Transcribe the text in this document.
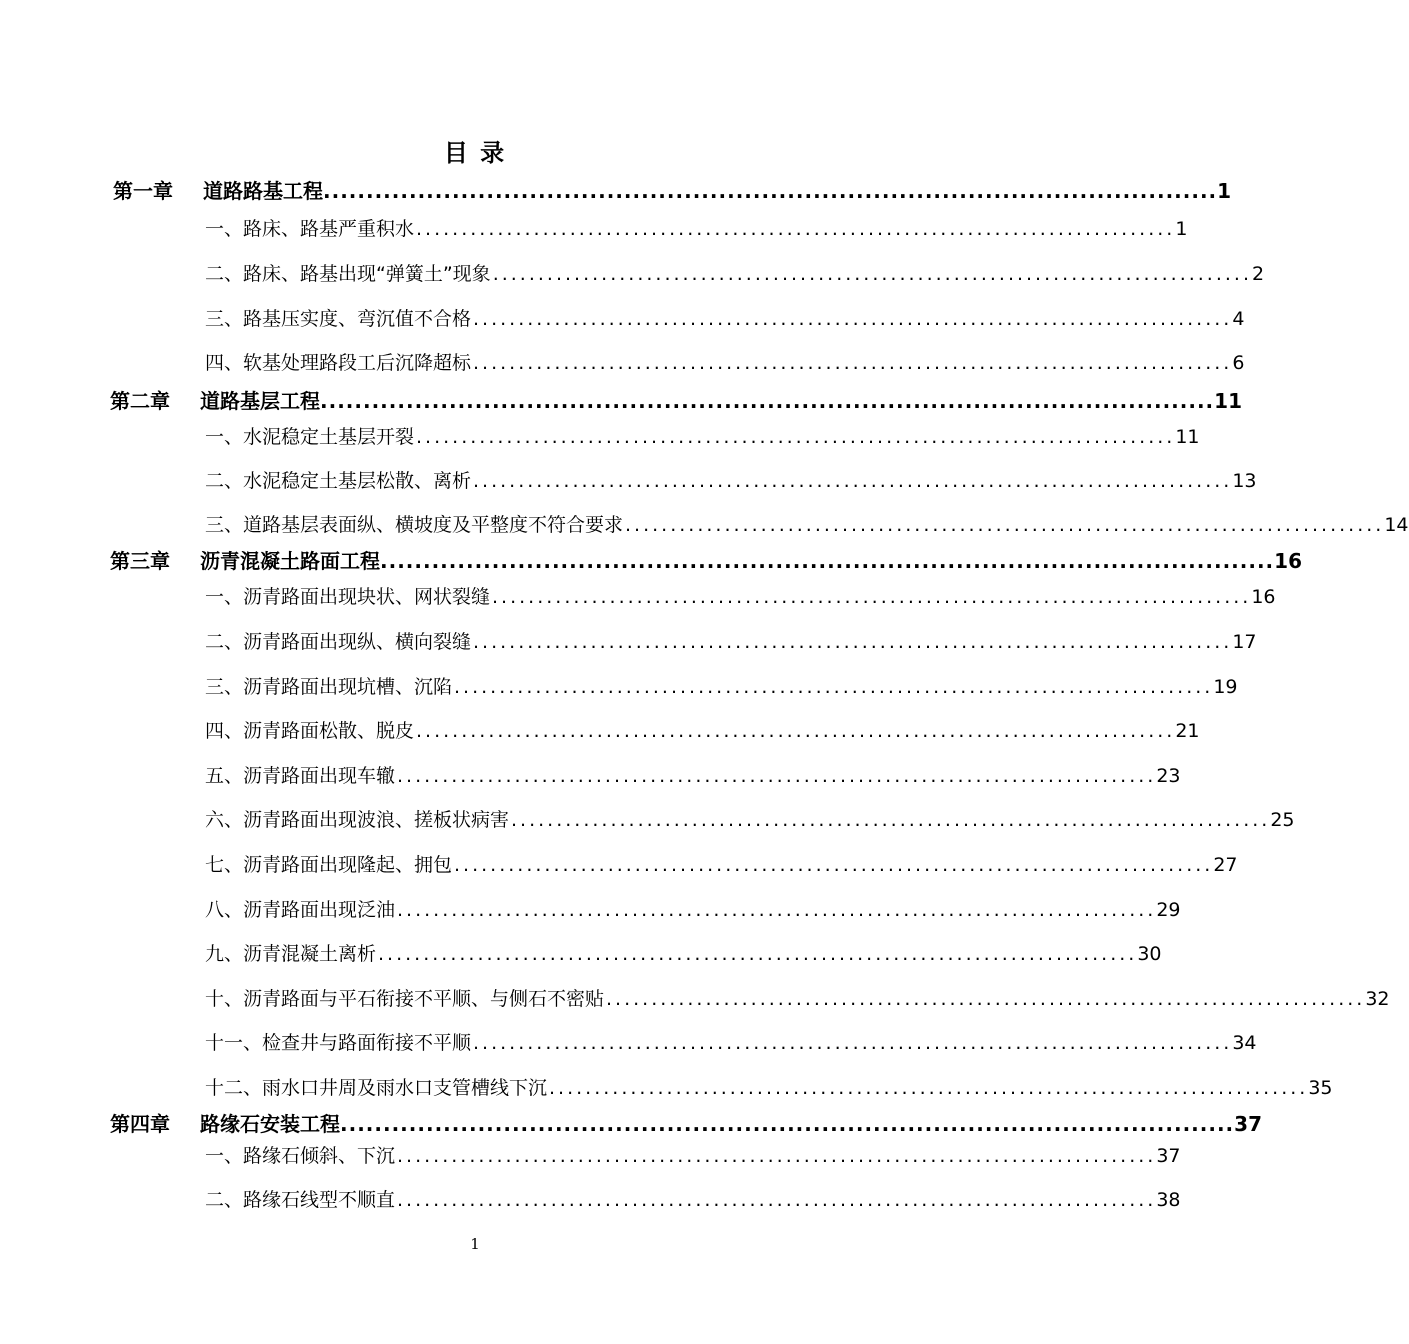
目 录
第一章 道路路基工程 ........................................................................................................ 1
一、路床、路基严重积水 .................................................................................... 1
二、路床、路基出现“弹簧土”现象 .................................................................................... 2
三、路基压实度、弯沉值不合格 .................................................................................... 4
四、软基处理路段工后沉降超标 .................................................................................... 6
第二章 道路基层工程 ........................................................................................................ 11
一、水泥稳定土基层开裂 .................................................................................... 11
二、水泥稳定土基层松散、离析 .................................................................................... 13
三、道路基层表面纵、横坡度及平整度不符合要求 .................................................................................... 14
第三章 沥青混凝土路面工程 ........................................................................................................ 16
一、沥青路面出现块状、网状裂缝 .................................................................................... 16
二、沥青路面出现纵、横向裂缝 .................................................................................... 17
三、沥青路面出现坑槽、沉陷 .................................................................................... 19
四、沥青路面松散、脱皮 .................................................................................... 21
五、沥青路面出现车辙 .................................................................................... 23
六、沥青路面出现波浪、搓板状病害 .................................................................................... 25
七、沥青路面出现隆起、拥包 .................................................................................... 27
八、沥青路面出现泛油 .................................................................................... 29
九、沥青混凝土离析 .................................................................................... 30
十、沥青路面与平石衔接不平顺、与侧石不密贴 .................................................................................... 32
十一、检查井与路面衔接不平顺 .................................................................................... 34
十二、雨水口井周及雨水口支管槽线下沉 .................................................................................... 35
第四章 路缘石安装工程 ........................................................................................................ 37
一、路缘石倾斜、下沉 .................................................................................... 37
二、路缘石线型不顺直 .................................................................................... 38
1
